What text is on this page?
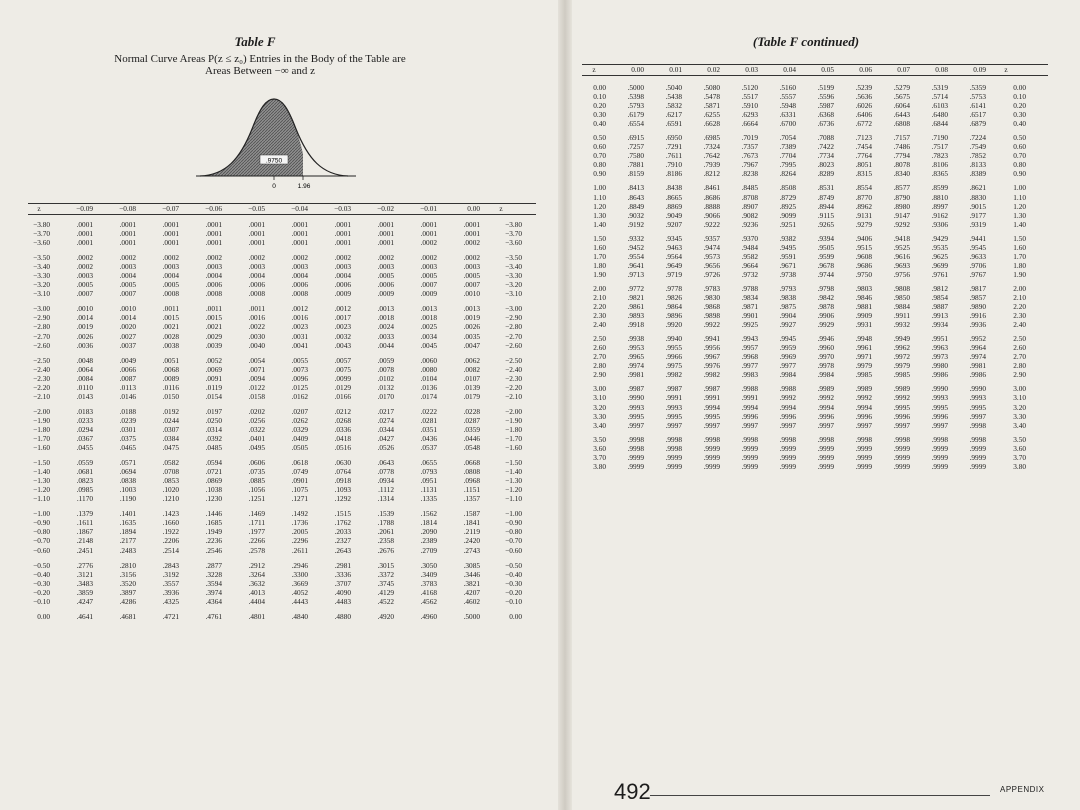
Table F
Normal Curve Areas P(z ≤ z₀) Entries in the Body of the Table are
Areas Between −∞ and z
.9750
0	1.96
z	−0.09	−0.08	−0.07	−0.06	−0.05	−0.04	−0.03	−0.02	−0.01	0.00	z
−3.80	.0001	.0001	.0001	.0001	.0001	.0001	.0001	.0001	.0001	.0001	−3.80
−3.70	.0001	.0001	.0001	.0001	.0001	.0001	.0001	.0001	.0001	.0001	−3.70
−3.60	.0001	.0001	.0001	.0001	.0001	.0001	.0001	.0001	.0002	.0002	−3.60

−3.50	.0002	.0002	.0002	.0002	.0002	.0002	.0002	.0002	.0002	.0002	−3.50
−3.40	.0002	.0003	.0003	.0003	.0003	.0003	.0003	.0003	.0003	.0003	−3.40
−3.30	.0003	.0004	.0004	.0004	.0004	.0004	.0004	.0005	.0005	.0005	−3.30
−3.20	.0005	.0005	.0005	.0006	.0006	.0006	.0006	.0006	.0007	.0007	−3.20
−3.10	.0007	.0007	.0008	.0008	.0008	.0008	.0009	.0009	.0009	.0010	−3.10

−3.00	.0010	.0010	.0011	.0011	.0011	.0012	.0012	.0013	.0013	.0013	−3.00
−2.90	.0014	.0014	.0015	.0015	.0016	.0016	.0017	.0018	.0018	.0019	−2.90
−2.80	.0019	.0020	.0021	.0021	.0022	.0023	.0023	.0024	.0025	.0026	−2.80
−2.70	.0026	.0027	.0028	.0029	.0030	.0031	.0032	.0033	.0034	.0035	−2.70
−2.60	.0036	.0037	.0038	.0039	.0040	.0041	.0043	.0044	.0045	.0047	−2.60

−2.50	.0048	.0049	.0051	.0052	.0054	.0055	.0057	.0059	.0060	.0062	−2.50
−2.40	.0064	.0066	.0068	.0069	.0071	.0073	.0075	.0078	.0080	.0082	−2.40
−2.30	.0084	.0087	.0089	.0091	.0094	.0096	.0099	.0102	.0104	.0107	−2.30
−2.20	.0110	.0113	.0116	.0119	.0122	.0125	.0129	.0132	.0136	.0139	−2.20
−2.10	.0143	.0146	.0150	.0154	.0158	.0162	.0166	.0170	.0174	.0179	−2.10

−2.00	.0183	.0188	.0192	.0197	.0202	.0207	.0212	.0217	.0222	.0228	−2.00
−1.90	.0233	.0239	.0244	.0250	.0256	.0262	.0268	.0274	.0281	.0287	−1.90
−1.80	.0294	.0301	.0307	.0314	.0322	.0329	.0336	.0344	.0351	.0359	−1.80
−1.70	.0367	.0375	.0384	.0392	.0401	.0409	.0418	.0427	.0436	.0446	−1.70
−1.60	.0455	.0465	.0475	.0485	.0495	.0505	.0516	.0526	.0537	.0548	−1.60

−1.50	.0559	.0571	.0582	.0594	.0606	.0618	.0630	.0643	.0655	.0668	−1.50
−1.40	.0681	.0694	.0708	.0721	.0735	.0749	.0764	.0778	.0793	.0808	−1.40
−1.30	.0823	.0838	.0853	.0869	.0885	.0901	.0918	.0934	.0951	.0968	−1.30
−1.20	.0985	.1003	.1020	.1038	.1056	.1075	.1093	.1112	.1131	.1151	−1.20
−1.10	.1170	.1190	.1210	.1230	.1251	.1271	.1292	.1314	.1335	.1357	−1.10

−1.00	.1379	.1401	.1423	.1446	.1469	.1492	.1515	.1539	.1562	.1587	−1.00
−0.90	.1611	.1635	.1660	.1685	.1711	.1736	.1762	.1788	.1814	.1841	−0.90
−0.80	.1867	.1894	.1922	.1949	.1977	.2005	.2033	.2061	.2090	.2119	−0.80
−0.70	.2148	.2177	.2206	.2236	.2266	.2296	.2327	.2358	.2389	.2420	−0.70
−0.60	.2451	.2483	.2514	.2546	.2578	.2611	.2643	.2676	.2709	.2743	−0.60

−0.50	.2776	.2810	.2843	.2877	.2912	.2946	.2981	.3015	.3050	.3085	−0.50
−0.40	.3121	.3156	.3192	.3228	.3264	.3300	.3336	.3372	.3409	.3446	−0.40
−0.30	.3483	.3520	.3557	.3594	.3632	.3669	.3707	.3745	.3783	.3821	−0.30
−0.20	.3859	.3897	.3936	.3974	.4013	.4052	.4090	.4129	.4168	.4207	−0.20
−0.10	.4247	.4286	.4325	.4364	.4404	.4443	.4483	.4522	.4562	.4602	−0.10

0.00	.4641	.4681	.4721	.4761	.4801	.4840	.4880	.4920	.4960	.5000	0.00
(Table F continued)
z	0.00	0.01	0.02	0.03	0.04	0.05	0.06	0.07	0.08	0.09	z
0.00	.5000	.5040	.5080	.5120	.5160	.5199	.5239	.5279	.5319	.5359	0.00
0.10	.5398	.5438	.5478	.5517	.5557	.5596	.5636	.5675	.5714	.5753	0.10
0.20	.5793	.5832	.5871	.5910	.5948	.5987	.6026	.6064	.6103	.6141	0.20
0.30	.6179	.6217	.6255	.6293	.6331	.6368	.6406	.6443	.6480	.6517	0.30
0.40	.6554	.6591	.6628	.6664	.6700	.6736	.6772	.6808	.6844	.6879	0.40

0.50	.6915	.6950	.6985	.7019	.7054	.7088	.7123	.7157	.7190	.7224	0.50
0.60	.7257	.7291	.7324	.7357	.7389	.7422	.7454	.7486	.7517	.7549	0.60
0.70	.7580	.7611	.7642	.7673	.7704	.7734	.7764	.7794	.7823	.7852	0.70
0.80	.7881	.7910	.7939	.7967	.7995	.8023	.8051	.8078	.8106	.8133	0.80
0.90	.8159	.8186	.8212	.8238	.8264	.8289	.8315	.8340	.8365	.8389	0.90

1.00	.8413	.8438	.8461	.8485	.8508	.8531	.8554	.8577	.8599	.8621	1.00
1.10	.8643	.8665	.8686	.8708	.8729	.8749	.8770	.8790	.8810	.8830	1.10
1.20	.8849	.8869	.8888	.8907	.8925	.8944	.8962	.8980	.8997	.9015	1.20
1.30	.9032	.9049	.9066	.9082	.9099	.9115	.9131	.9147	.9162	.9177	1.30
1.40	.9192	.9207	.9222	.9236	.9251	.9265	.9279	.9292	.9306	.9319	1.40

1.50	.9332	.9345	.9357	.9370	.9382	.9394	.9406	.9418	.9429	.9441	1.50
1.60	.9452	.9463	.9474	.9484	.9495	.9505	.9515	.9525	.9535	.9545	1.60
1.70	.9554	.9564	.9573	.9582	.9591	.9599	.9608	.9616	.9625	.9633	1.70
1.80	.9641	.9649	.9656	.9664	.9671	.9678	.9686	.9693	.9699	.9706	1.80
1.90	.9713	.9719	.9726	.9732	.9738	.9744	.9750	.9756	.9761	.9767	1.90

2.00	.9772	.9778	.9783	.9788	.9793	.9798	.9803	.9808	.9812	.9817	2.00
2.10	.9821	.9826	.9830	.9834	.9838	.9842	.9846	.9850	.9854	.9857	2.10
2.20	.9861	.9864	.9868	.9871	.9875	.9878	.9881	.9884	.9887	.9890	2.20
2.30	.9893	.9896	.9898	.9901	.9904	.9906	.9909	.9911	.9913	.9916	2.30
2.40	.9918	.9920	.9922	.9925	.9927	.9929	.9931	.9932	.9934	.9936	2.40

2.50	.9938	.9940	.9941	.9943	.9945	.9946	.9948	.9949	.9951	.9952	2.50
2.60	.9953	.9955	.9956	.9957	.9959	.9960	.9961	.9962	.9963	.9964	2.60
2.70	.9965	.9966	.9967	.9968	.9969	.9970	.9971	.9972	.9973	.9974	2.70
2.80	.9974	.9975	.9976	.9977	.9977	.9978	.9979	.9979	.9980	.9981	2.80
2.90	.9981	.9982	.9982	.9983	.9984	.9984	.9985	.9985	.9986	.9986	2.90

3.00	.9987	.9987	.9987	.9988	.9988	.9989	.9989	.9989	.9990	.9990	3.00
3.10	.9990	.9991	.9991	.9991	.9992	.9992	.9992	.9992	.9993	.9993	3.10
3.20	.9993	.9993	.9994	.9994	.9994	.9994	.9994	.9995	.9995	.9995	3.20
3.30	.9995	.9995	.9995	.9996	.9996	.9996	.9996	.9996	.9996	.9997	3.30
3.40	.9997	.9997	.9997	.9997	.9997	.9997	.9997	.9997	.9997	.9998	3.40

3.50	.9998	.9998	.9998	.9998	.9998	.9998	.9998	.9998	.9998	.9998	3.50
3.60	.9998	.9998	.9999	.9999	.9999	.9999	.9999	.9999	.9999	.9999	3.60
3.70	.9999	.9999	.9999	.9999	.9999	.9999	.9999	.9999	.9999	.9999	3.70
3.80	.9999	.9999	.9999	.9999	.9999	.9999	.9999	.9999	.9999	.9999	3.80
492	APPENDIX
